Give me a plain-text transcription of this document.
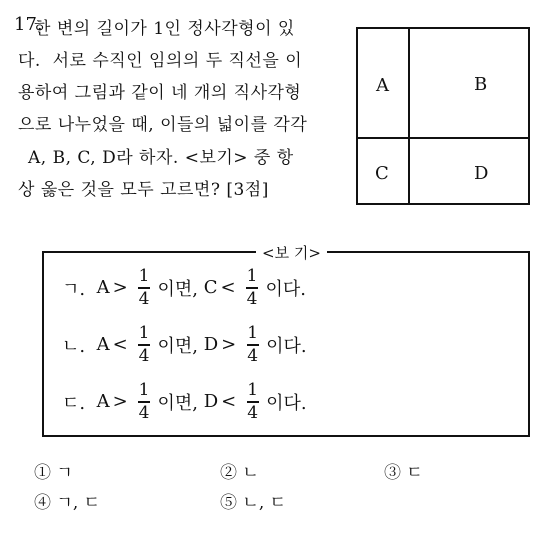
17.
한 변의 길이가 1인 정사각형이 있
다.  서로 수직인 임의의 두 직선을 이
용하여 그림과 같이 네 개의 직사각형
으로 나누었을 때, 이들의 넓이를 각각
A, B, C, D라 하자. <보기> 중 항
상 옳은 것을 모두 고르면? [3점]
A	B
C	D
<보 기>
ㄱ.
$A > \frac{1}{4}$ 이면,
$C < \frac{1}{4}$ 이다.
ㄴ.
$A < \frac{1}{4}$ 이면,
$D > \frac{1}{4}$ 이다.
ㄷ.
$A > \frac{1}{4}$ 이면,
$D < \frac{1}{4}$ 이다.
① ㄱ	② ㄴ	③ ㄷ
④ ㄱ, ㄷ	⑤ ㄴ, ㄷ
